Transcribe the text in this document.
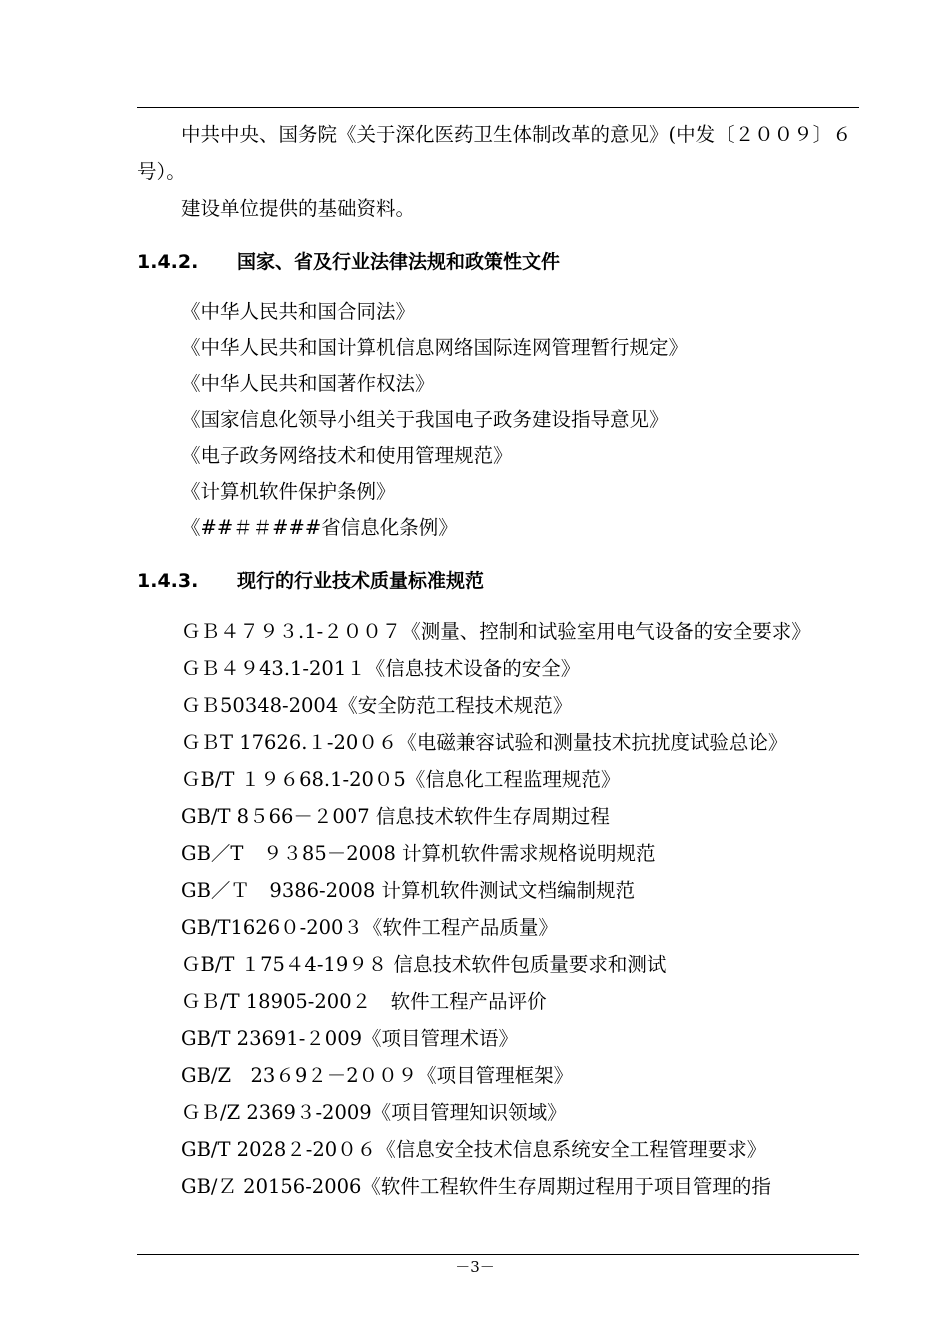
中共中央、国务院《关于深化医药卫生体制改革的意见》(中发〔２００９〕６号）。
建设单位提供的基础资料。
1.4.2. 国家、省及行业法律法规和政策性文件
《中华人民共和国合同法》
《中华人民共和国计算机信息网络国际连网管理暂行规定》
《中华人民共和国著作权法》
《国家信息化领导小组关于我国电子政务建设指导意见》
《电子政务网络技术和使用管理规范》
《计算机软件保护条例》
《##＃＃###省信息化条例》
1.4.3. 现行的行业技术质量标准规范
ＧＢ４７９３.1-２００７《测量、控制和试验室用电气设备的安全要求》
ＧＢ４９43.1-201１《信息技术设备的安全》
ＧＢ50348-2004《安全防范工程技术规范》
ＧＢT 17626.１-20０６《电磁兼容试验和测量技术抗扰度试验总论》
ＧB/T １９６68.1-20０5《信息化工程监理规范》
GB/T 8５66－２007 信息技术软件生存周期过程
GB／T　９３85－2008 计算机软件需求规格说明规范
GB／Ｔ　9386-2008 计算机软件测试文档编制规范
GB/T1626０-200３《软件工程产品质量》
ＧB/T １75４4-19９８ 信息技术软件包质量要求和测试
ＧＢ/T 18905-200２　软件工程产品评价
GB/T 23691-２009《项目管理术语》
GB/Z　23６9２－2００９《项目管理框架》
ＧＢ/Z 2369３-2009《项目管理知识领域》
GB/T 2028２-20０６《信息安全技术信息系统安全工程管理要求》
GB/Ｚ 20156-2006《软件工程软件生存周期过程用于项目管理的指
－3－
